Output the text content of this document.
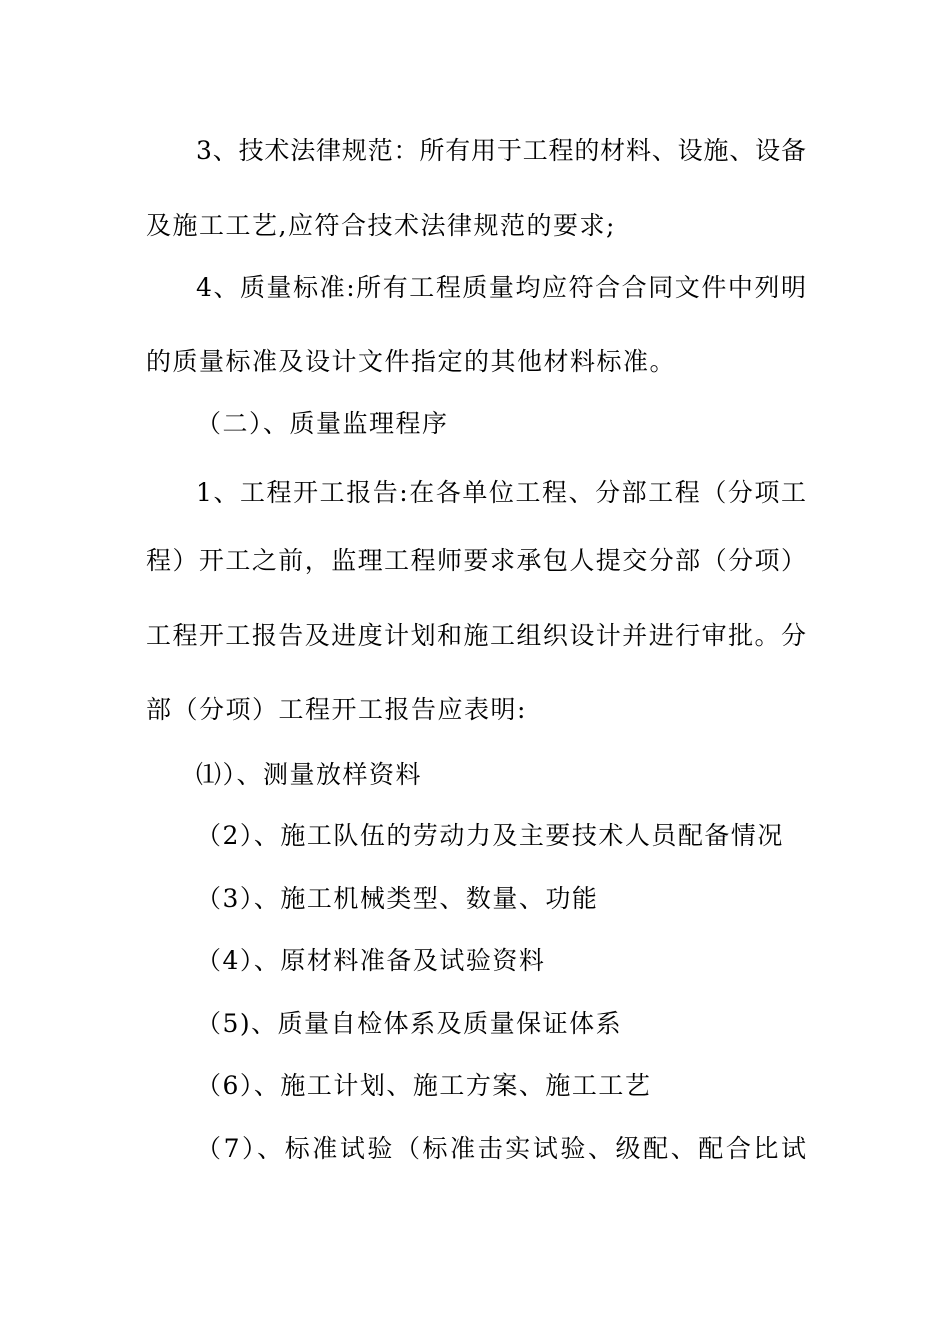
3、技术法律规范：所有用于工程的材料、设施、设备
及施工工艺,应符合技术法律规范的要求;
4、质量标准:所有工程质量均应符合合同文件中列明
的质量标准及设计文件指定的其他材料标准。
（二）、质量监理程序
1、工程开工报告:在各单位工程、分部工程（分项工
程）开工之前，监理工程师要求承包人提交分部（分项）
工程开工报告及进度计划和施工组织设计并进行审批。分
部（分项）工程开工报告应表明:
⑴）、测量放样资料
（2）、施工队伍的劳动力及主要技术人员配备情况
（3）、施工机械类型、数量、功能
（4）、原材料准备及试验资料
（5)、质量自检体系及质量保证体系
（6）、施工计划、施工方案、施工工艺
（7）、标准试验（标准击实试验、级配、配合比试
